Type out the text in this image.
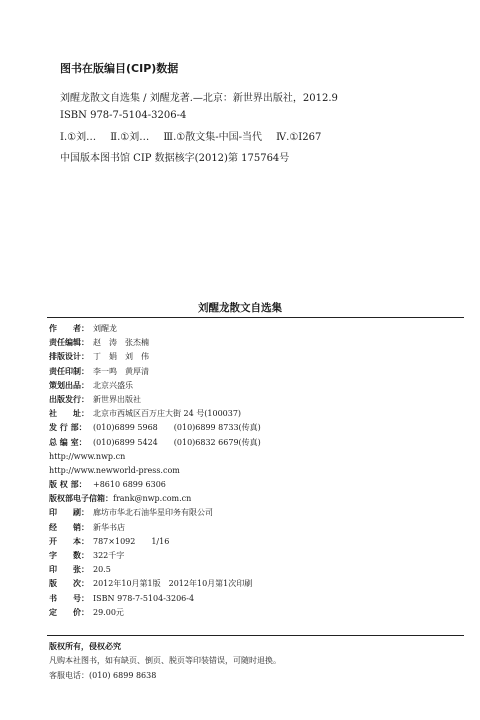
图书在版编目(CIP)数据
刘醒龙散文自选集 / 刘醒龙著.—北京：新世界出版社，2012.9
ISBN 978-7-5104-3206-4
Ⅰ.①刘… Ⅱ.①刘… Ⅲ.①散文集-中国-当代 Ⅳ.①I267
中国版本图书馆 CIP 数据核字(2012)第 175764号
刘醒龙散文自选集
作　　者： 刘醒龙
责任编辑： 赵　涛　张杰楠
排版设计： 丁　娟　刘　伟
责任印制： 李一鸣　黄厚清
策划出品： 北京兴盛乐
出版发行： 新世界出版社
社　　址： 北京市西城区百万庄大街 24 号(100037)
发 行 部： (010)6899 5968　　(010)6899 8733(传真)
总 编 室： (010)6899 5424　　(010)6832 6679(传真)
http://www.nwp.cn
http://www.newworld-press.com
版 权 部： +8610 6899 6306
版权部电子信箱： frank@nwp.com.cn
印　　刷： 廊坊市华北石油华星印务有限公司
经　　销： 新华书店
开　　本： 787×1092　　1/16
字　　数： 322千字
印　　张： 20.5
版　　次： 2012年10月第1版　2012年10月第1次印刷
书　　号： ISBN 978-7-5104-3206-4
定　　价： 29.00元
版权所有，侵权必究
凡购本社图书，如有缺页、倒页、脱页等印装错误，可随时退换。
客服电话：(010) 6899 8638
